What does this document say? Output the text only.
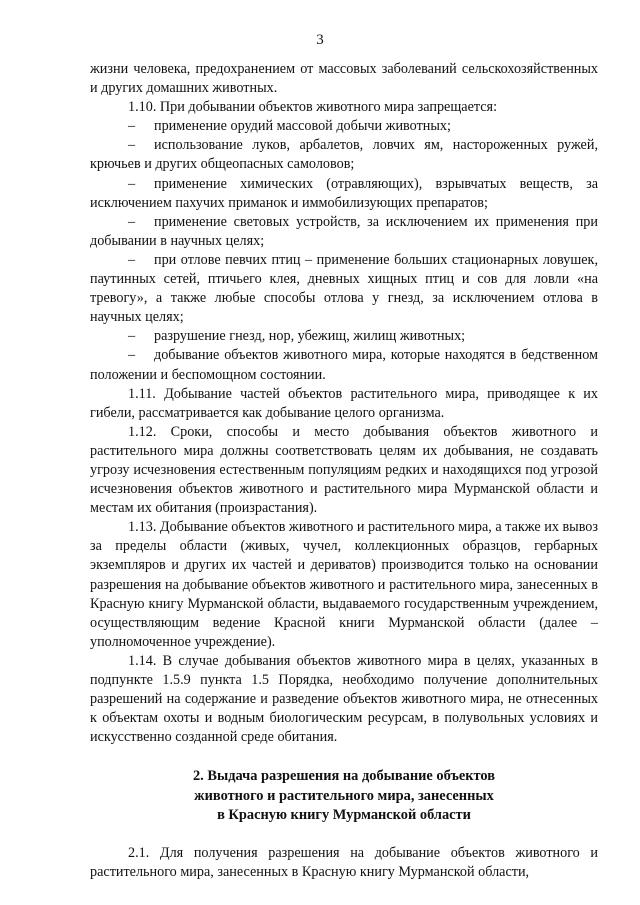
3

жизни человека, предохранением от массовых заболеваний сельскохозяйственных и других домашних животных.

1.10. При добывании объектов животного мира запрещается:

– применение орудий массовой добычи животных;

– использование луков, арбалетов, ловчих ям, настороженных ружей, крючьев и других общеопасных самоловов;

– применение химических (отравляющих), взрывчатых веществ, за исключением пахучих приманок и иммобилизующих препаратов;

– применение световых устройств, за исключением их применения при добывании в научных целях;

– при отлове певчих птиц – применение больших стационарных ловушек, паутинных сетей, птичьего клея, дневных хищных птиц и сов для ловли «на тревогу», а также любые способы отлова у гнезд, за исключением отлова в научных целях;

– разрушение гнезд, нор, убежищ, жилищ животных;

– добывание объектов животного мира, которые находятся в бедственном положении и беспомощном состоянии.

1.11. Добывание частей объектов растительного мира, приводящее к их гибели, рассматривается как добывание целого организма.

1.12. Сроки, способы и место добывания объектов животного и растительного мира должны соответствовать целям их добывания, не создавать угрозу исчезновения естественным популяциям редких и находящихся под угрозой исчезновения объектов животного и растительного мира Мурманской области и местам их обитания (произрастания).

1.13. Добывание объектов животного и растительного мира, а также их вывоз за пределы области (живых, чучел, коллекционных образцов, гербарных экземпляров и других их частей и дериватов) производится только на основании разрешения на добывание объектов животного и растительного мира, занесенных в Красную книгу Мурманской области, выдаваемого государственным учреждением, осуществляющим ведение Красной книги Мурманской области (далее – уполномоченное учреждение).

1.14. В случае добывания объектов животного мира в целях, указанных в подпункте 1.5.9 пункта 1.5 Порядка, необходимо получение дополнительных разрешений на содержание и разведение объектов животного мира, не отнесенных к объектам охоты и водным биологическим ресурсам, в полувольных условиях и искусственно созданной среде обитания.

2. Выдача разрешения на добывание объектов
животного и растительного мира, занесенных
в Красную книгу Мурманской области

2.1. Для получения разрешения на добывание объектов животного и растительного мира, занесенных в Красную книгу Мурманской области,
